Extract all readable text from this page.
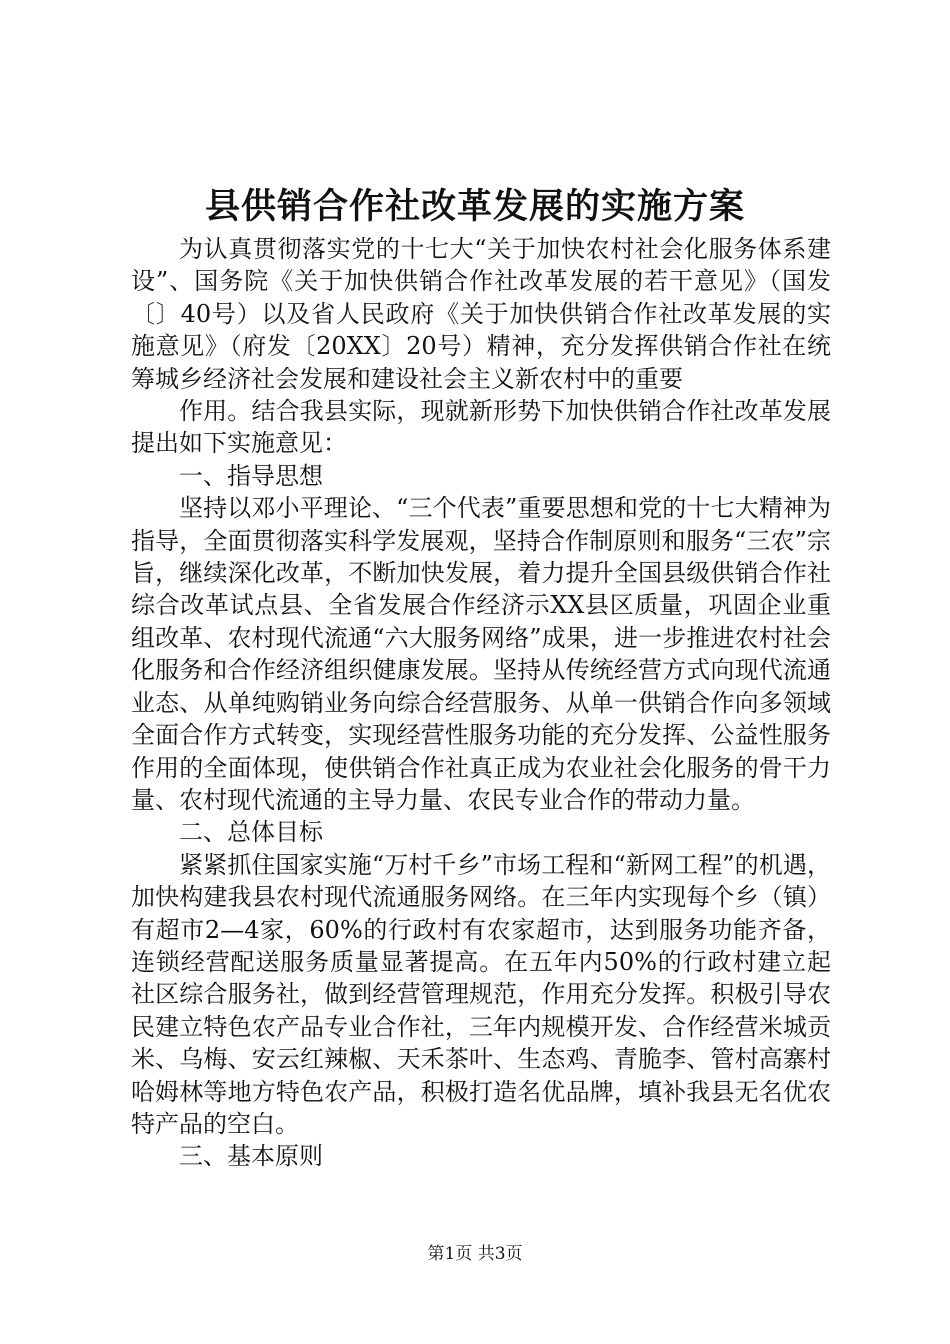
县供销合作社改革发展的实施方案

为认真贯彻落实党的十七大“关于加快农村社会化服务体系建设”、国务院《关于加快供销合作社改革发展的若干意见》（国发〔〕40号）以及省人民政府《关于加快供销合作社改革发展的实施意见》（府发〔20XX〕20号）精神，充分发挥供销合作社在统筹城乡经济社会发展和建设社会主义新农村中的重要

作用。结合我县实际，现就新形势下加快供销合作社改革发展提出如下实施意见：

一、指导思想

坚持以邓小平理论、“三个代表”重要思想和党的十七大精神为指导，全面贯彻落实科学发展观，坚持合作制原则和服务“三农”宗旨，继续深化改革，不断加快发展，着力提升全国县级供销合作社综合改革试点县、全省发展合作经济示XX县区质量，巩固企业重组改革、农村现代流通“六大服务网络”成果，进一步推进农村社会化服务和合作经济组织健康发展。坚持从传统经营方式向现代流通业态、从单纯购销业务向综合经营服务、从单一供销合作向多领域全面合作方式转变，实现经营性服务功能的充分发挥、公益性服务作用的全面体现，使供销合作社真正成为农业社会化服务的骨干力量、农村现代流通的主导力量、农民专业合作的带动力量。

二、总体目标

紧紧抓住国家实施“万村千乡”市场工程和“新网工程”的机遇，加快构建我县农村现代流通服务网络。在三年内实现每个乡（镇）有超市2—4家，60%的行政村有农家超市，达到服务功能齐备，连锁经营配送服务质量显著提高。在五年内50%的行政村建立起社区综合服务社，做到经营管理规范，作用充分发挥。积极引导农民建立特色农产品专业合作社，三年内规模开发、合作经营米城贡米、乌梅、安云红辣椒、天禾茶叶、生态鸡、青脆李、管村高寨村哈姆林等地方特色农产品，积极打造名优品牌，填补我县无名优农特产品的空白。

三、基本原则

第1页 共3页
